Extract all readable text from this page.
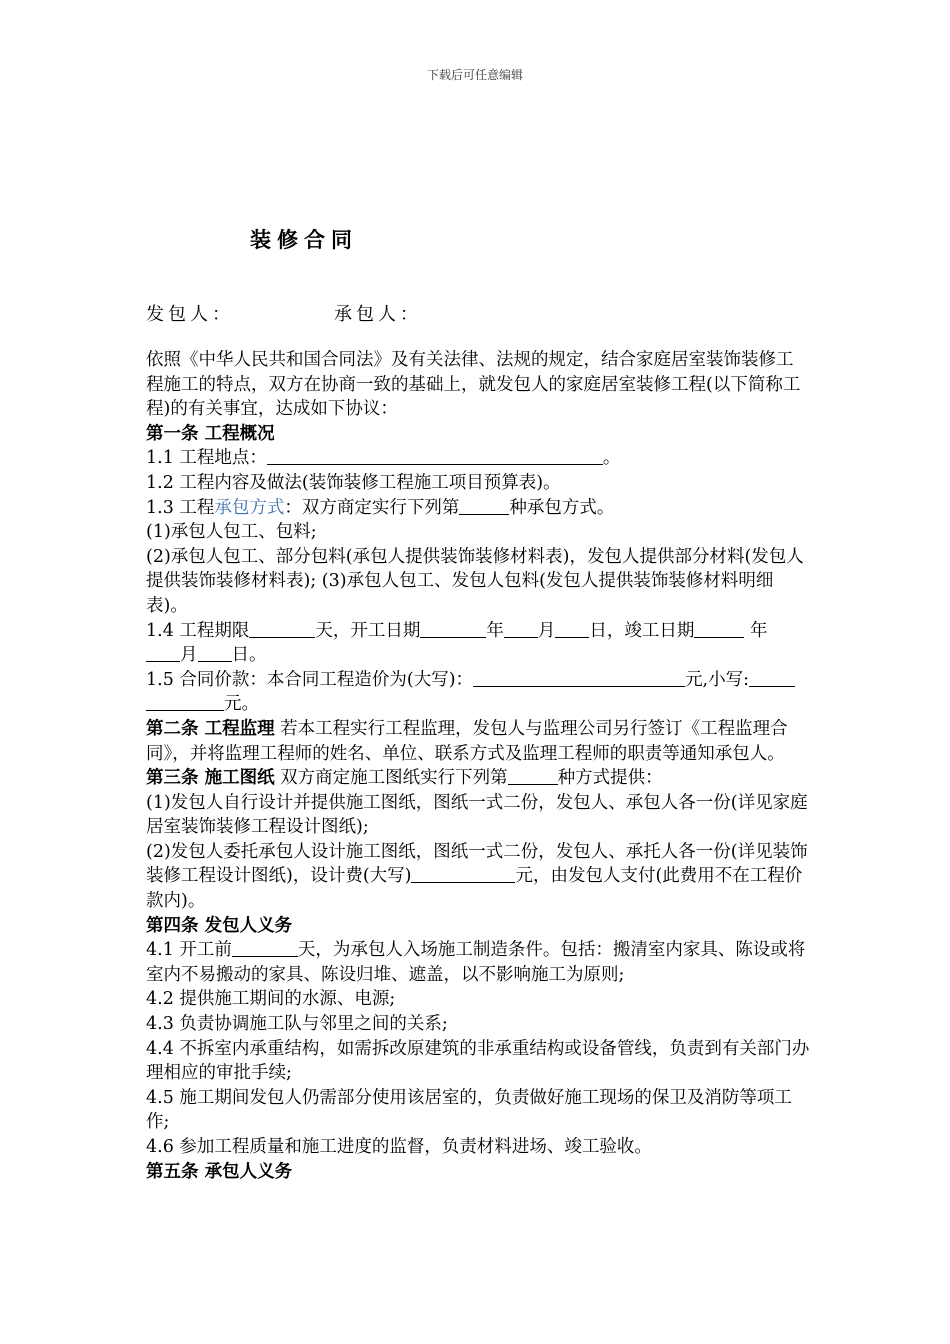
下载后可任意编辑
装修合同
发包人：	承包人：

依照《中华人民共和国合同法》及有关法律、法规的规定，结合家庭居室装饰装修工程施工的特点，双方在协商一致的基础上，就发包人的家庭居室装修工程(以下简称工程)的有关事宜，达成如下协议：

第一条 工程概况

1.1 工程地点：	。

1.2 工程内容及做法(装饰装修工程施工项目预算表)。

1.3 工程承包方式：双方商定实行下列第	种承包方式。

(1)承包人包工、包料;

(2)承包人包工、部分包料(承包人提供装饰装修材料表)，发包人提供部分材料(发包人提供装饰装修材料表); (3)承包人包工、发包人包料(发包人提供装饰装修材料明细表)。

1.4 工程期限	天，开工日期	年 月 日，竣工日期	年
月 日。

1.5 合同价款：本合同工程造价为(大写)：	元,小写:
元。

第二条 工程监理 若本工程实行工程监理，发包人与监理公司另行签订《工程监理合同》，并将监理工程师的姓名、单位、联系方式及监理工程师的职责等通知承包人。

第三条 施工图纸 双方商定施工图纸实行下列第	种方式提供：

(1)发包人自行设计并提供施工图纸，图纸一式二份，发包人、承包人各一份(详见家庭居室装饰装修工程设计图纸);

(2)发包人委托承包人设计施工图纸，图纸一式二份，发包人、承托人各一份(详见装饰装修工程设计图纸)，设计费(大写)	元，由发包人支付(此费用不在工程价款内)。

第四条 发包人义务

4.1 开工前	天，为承包人入场施工制造条件。包括：搬清室内家具、陈设或将室内不易搬动的家具、陈设归堆、遮盖，以不影响施工为原则;

4.2 提供施工期间的水源、电源;

4.3 负责协调施工队与邻里之间的关系;

4.4 不拆室内承重结构，如需拆改原建筑的非承重结构或设备管线，负责到有关部门办理相应的审批手续;

4.5 施工期间发包人仍需部分使用该居室的，负责做好施工现场的保卫及消防等项工作;

4.6 参加工程质量和施工进度的监督，负责材料进场、竣工验收。

第五条 承包人义务
